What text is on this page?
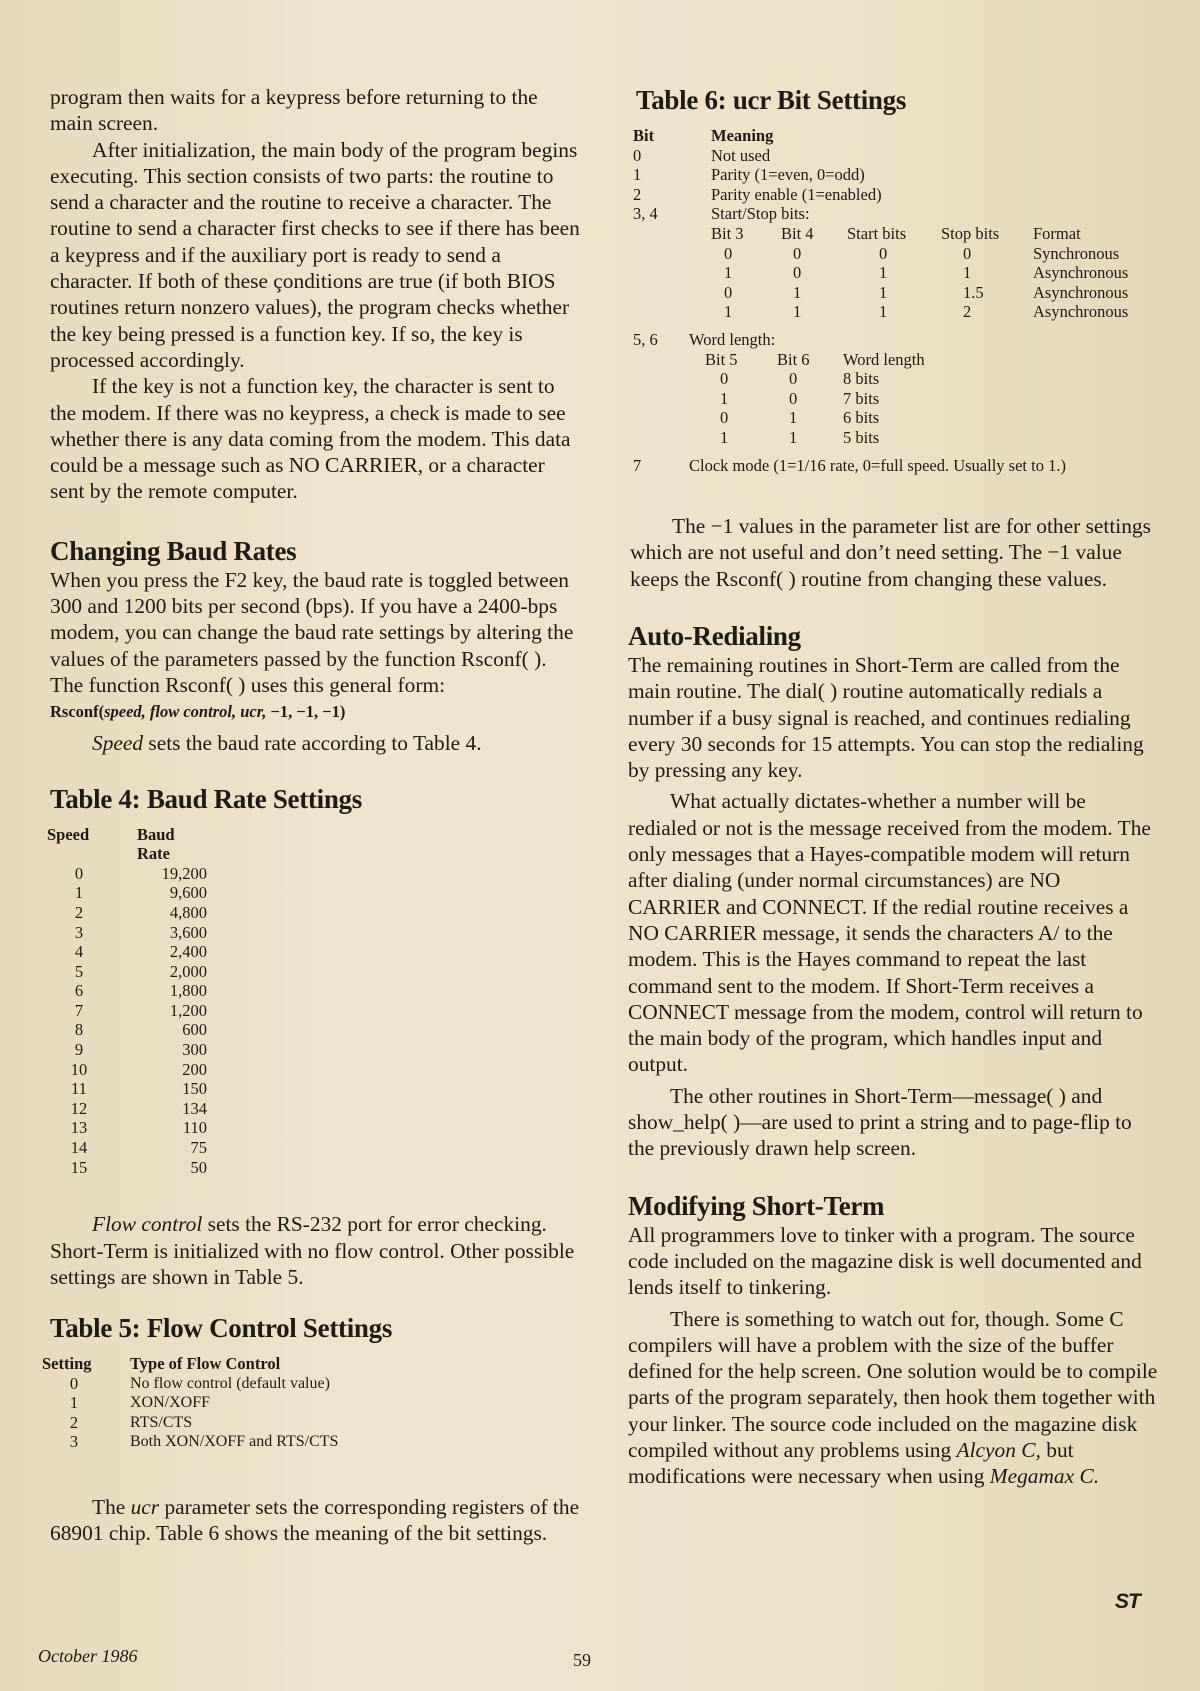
program then waits for a keypress before returning to the main screen.

After initialization, the main body of the program begins executing. This section consists of two parts: the routine to send a character and the routine to receive a character. The routine to send a character first checks to see if there has been a keypress and if the auxiliary port is ready to send a character. If both of these çonditions are true (if both BIOS routines return nonzero values), the program checks whether the key being pressed is a function key. If so, the key is processed accordingly.

If the key is not a function key, the character is sent to the modem. If there was no keypress, a check is made to see whether there is any data coming from the modem. This data could be a message such as NO CARRIER, or a character sent by the remote computer.

Changing Baud Rates

When you press the F2 key, the baud rate is toggled between 300 and 1200 bits per second (bps). If you have a 2400-bps modem, you can change the baud rate settings by altering the values of the parameters passed by the function Rsconf( ). The function Rsconf( ) uses this general form:

Rsconf(speed, flow control, ucr, −1, −1, −1)

Speed sets the baud rate according to Table 4.

Table 4: Baud Rate Settings
Speed	Baud Rate
0	19,200
1	9,600
2	4,800
3	3,600
4	2,400
5	2,000
6	1,800
7	1,200
8	600
9	300
10	200
11	150
12	134
13	110
14	75
15	50

Flow control sets the RS-232 port for error checking. Short-Term is initialized with no flow control. Other possible settings are shown in Table 5.

Table 5: Flow Control Settings
Setting	Type of Flow Control
0	No flow control (default value)
1	XON/XOFF
2	RTS/CTS
3	Both XON/XOFF and RTS/CTS

The ucr parameter sets the corresponding registers of the 68901 chip. Table 6 shows the meaning of the bit settings.

Table 6: ucr Bit Settings
Bit	Meaning
0	Not used
1	Parity (1=even, 0=odd)
2	Parity enable (1=enabled)
3, 4	Start/Stop bits:

Bit 3	Bit 4	Start bits	Stop bits	Format
0	0	0	0	Synchronous
1	0	1	1	Asynchronous
0	1	1	1.5	Asynchronous
1	1	1	2	Asynchronous

5, 6	Word length:

Bit 5	Bit 6	Word length
0	0	8 bits
1	0	7 bits
0	1	6 bits
1	1	5 bits

7	Clock mode (1=1/16 rate, 0=full speed. Usually set to 1.)

The −1 values in the parameter list are for other settings which are not useful and don’t need setting. The −1 value keeps the Rsconf( ) routine from changing these values.

Auto-Redialing

The remaining routines in Short-Term are called from the main routine. The dial( ) routine automatically redials a number if a busy signal is reached, and continues redialing every 30 seconds for 15 attempts. You can stop the redialing by pressing any key.

What actually dictates-whether a number will be redialed or not is the message received from the modem. The only messages that a Hayes-compatible modem will return after dialing (under normal circumstances) are NO CARRIER and CONNECT. If the redial routine receives a NO CARRIER message, it sends the characters A/ to the modem. This is the Hayes command to repeat the last command sent to the modem. If Short-Term receives a CONNECT message from the modem, control will return to the main body of the program, which handles input and output.

The other routines in Short-Term—message( ) and show_help( )—are used to print a string and to page-flip to the previously drawn help screen.

Modifying Short-Term

All programmers love to tinker with a program. The source code included on the magazine disk is well documented and lends itself to tinkering.

There is something to watch out for, though. Some C compilers will have a problem with the size of the buffer defined for the help screen. One solution would be to compile parts of the program separately, then hook them together with your linker. The source code included on the magazine disk compiled without any problems using Alcyon C, but modifications were necessary when using Megamax C.

ST
October 1986	59
